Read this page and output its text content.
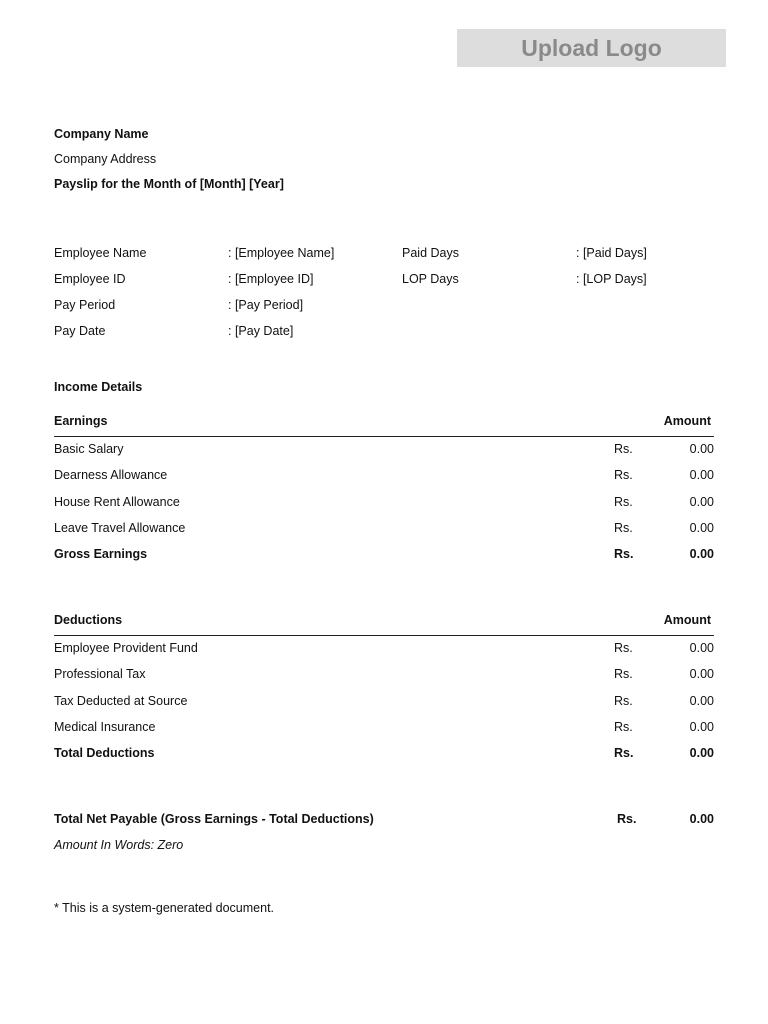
Upload Logo
Company Name
Company Address
Payslip for the Month of [Month] [Year]
Employee Name	: [Employee Name]	Paid Days	: [Paid Days]
Employee ID	: [Employee ID]	LOP Days	: [LOP Days]
Pay Period	: [Pay Period]
Pay Date	: [Pay Date]
Income Details
Earnings	Amount
Basic Salary	Rs.	0.00
Dearness Allowance	Rs.	0.00
House Rent Allowance	Rs.	0.00
Leave Travel Allowance	Rs.	0.00
Gross Earnings	Rs.	0.00
Deductions	Amount
Employee Provident Fund	Rs.	0.00
Professional Tax	Rs.	0.00
Tax Deducted at Source	Rs.	0.00
Medical Insurance	Rs.	0.00
Total Deductions	Rs.	0.00
Total Net Payable (Gross Earnings - Total Deductions)	Rs.	0.00
Amount In Words: Zero
* This is a system-generated document.
